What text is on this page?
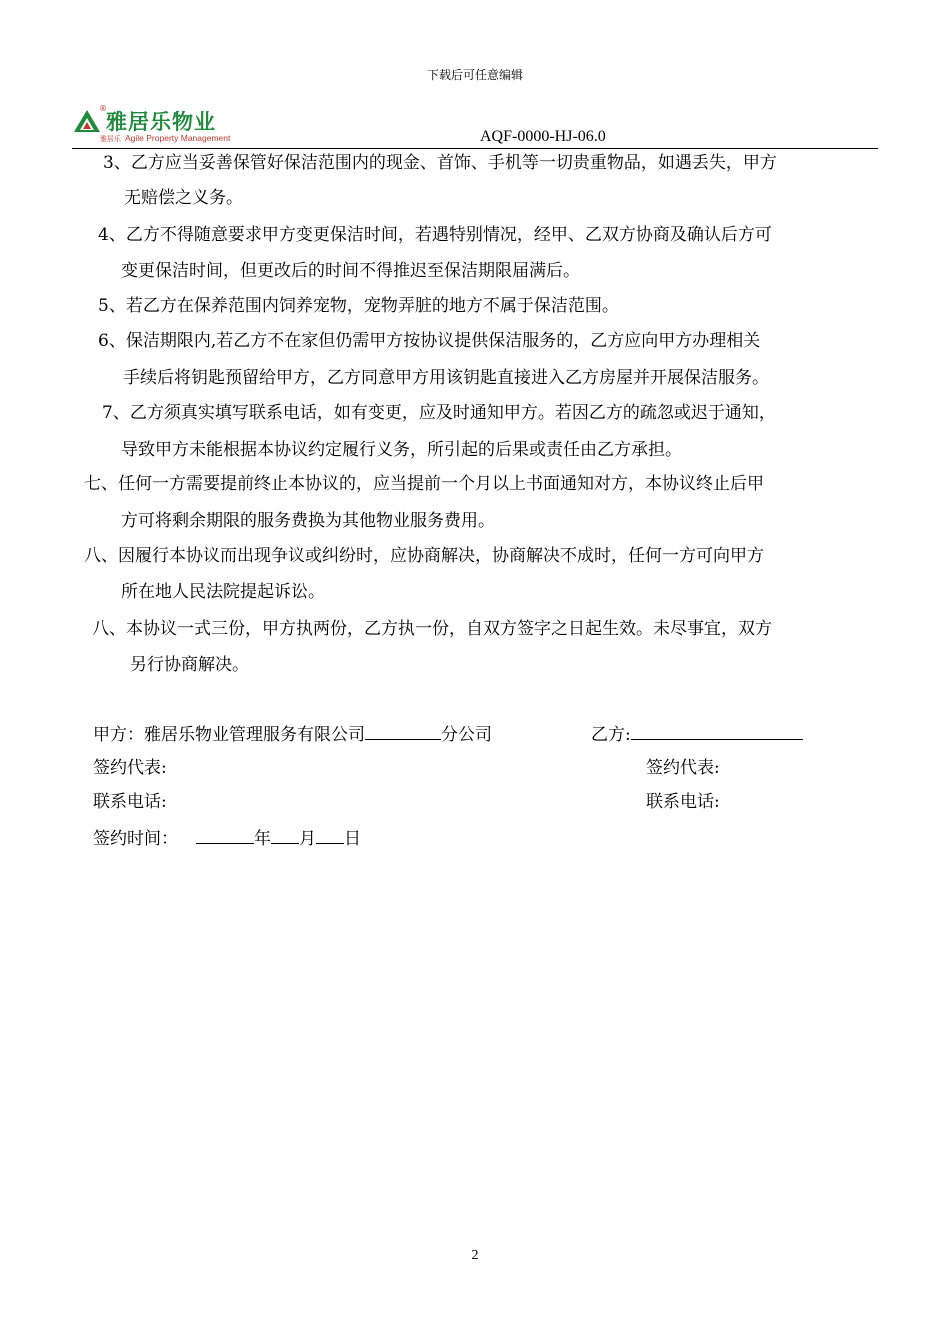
下载后可任意编辑
®
雅居乐物业
雅居乐 Agile Property Management	AQF-0000-HJ-06.0
3、乙方应当妥善保管好保洁范围内的现金、首饰、手机等一切贵重物品，如遇丢失，甲方
无赔偿之义务。
4、乙方不得随意要求甲方变更保洁时间，若遇特别情况，经甲、乙双方协商及确认后方可
变更保洁时间，但更改后的时间不得推迟至保洁期限届满后。
5、若乙方在保养范围内饲养宠物，宠物弄脏的地方不属于保洁范围。
6、保洁期限内,若乙方不在家但仍需甲方按协议提供保洁服务的，乙方应向甲方办理相关
手续后将钥匙预留给甲方，乙方同意甲方用该钥匙直接进入乙方房屋并开展保洁服务。
7、乙方须真实填写联系电话，如有变更，应及时通知甲方。若因乙方的疏忽或迟于通知，
导致甲方未能根据本协议约定履行义务，所引起的后果或责任由乙方承担。
七、任何一方需要提前终止本协议的，应当提前一个月以上书面通知对方，本协议终止后甲
方可将剩余期限的服务费换为其他物业服务费用。
八、因履行本协议而出现争议或纠纷时，应协商解决，协商解决不成时，任何一方可向甲方
所在地人民法院提起诉讼。
八、本协议一式三份，甲方执两份，乙方执一份，自双方签字之日起生效。未尽事宜，双方
另行协商解决。
甲方：雅居乐物业管理服务有限公司	分公司	乙方:
签约代表:	签约代表:
联系电话:	联系电话:
签约时间：	年 月 日
2
